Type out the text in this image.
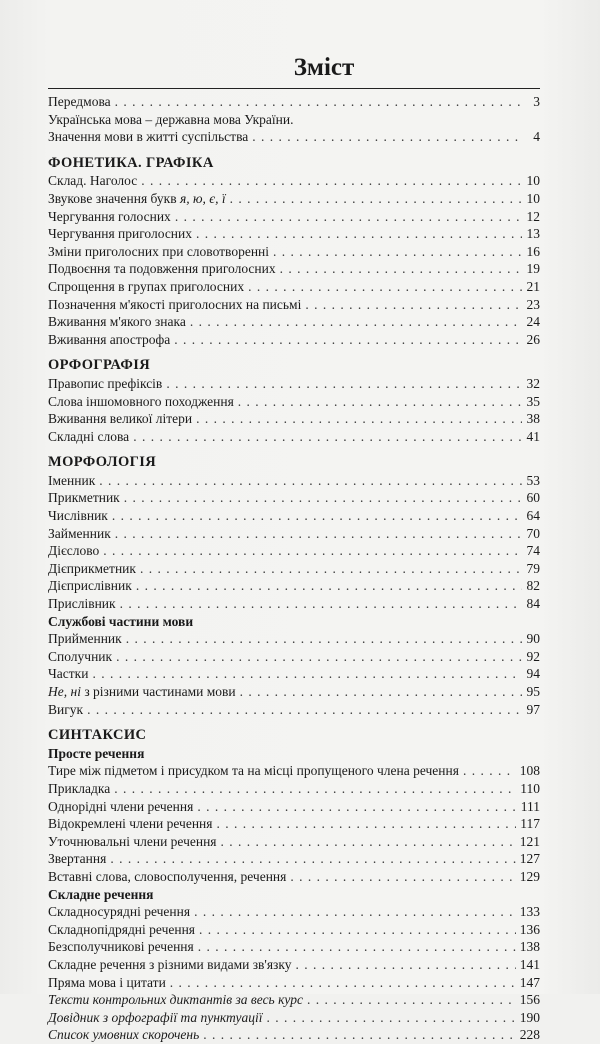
Зміст
Передмова . . .	3
Українська мова – державна мова України.
Значення мови в житті суспільства . . .	4
ФОНЕТИКА. ГРАФІКА
Склад. Наголос . . .	10
Звукове значення букв я, ю, є, ї . . .	10
Чергування голосних . . .	12
Чергування приголосних . . .	13
Зміни приголосних при словотворенні . . .	16
Подвоєння та подовження приголосних . . .	19
Спрощення в групах приголосних . . .	21
Позначення м'якості приголосних на письмі . . .	23
Вживання м'якого знака . . .	24
Вживання апострофа . . .	26
ОРФОГРАФІЯ
Правопис префіксів . . .	32
Слова іншомовного походження . . .	35
Вживання великої літери . . .	38
Складні слова . . .	41
МОРФОЛОГІЯ
Іменник . . .	53
Прикметник . . .	60
Числівник . . .	64
Займенник . . .	70
Дієслово . . .	74
Дієприкметник . . .	79
Дієприслівник . . .	82
Прислівник . . .	84
Службові частини мови
Прийменник . . .	90
Сполучник . . .	92
Частки . . .	94
Не, ні з різними частинами мови . . .	95
Вигук . . .	97
СИНТАКСИС
Просте речення
Тире між підметом і присудком та на місці пропущеного члена речення . . .	108
Прикладка . . .	110
Однорідні члени речення . . .	111
Відокремлені члени речення . . .	117
Уточнювальні члени речення . . .	121
Звертання . . .	127
Вставні слова, словосполучення, речення . . .	129
Складне речення
Складносурядні речення . . .	133
Складнопідрядні речення . . .	136
Безсполучникові речення . . .	138
Складне речення з різними видами зв'язку . . .	141
Пряма мова і цитати . . .	147
Тексти контрольних диктантів за весь курс . . .	156
Довідник з орфографії та пунктуації . . .	190
Список умовних скорочень . . .	228
